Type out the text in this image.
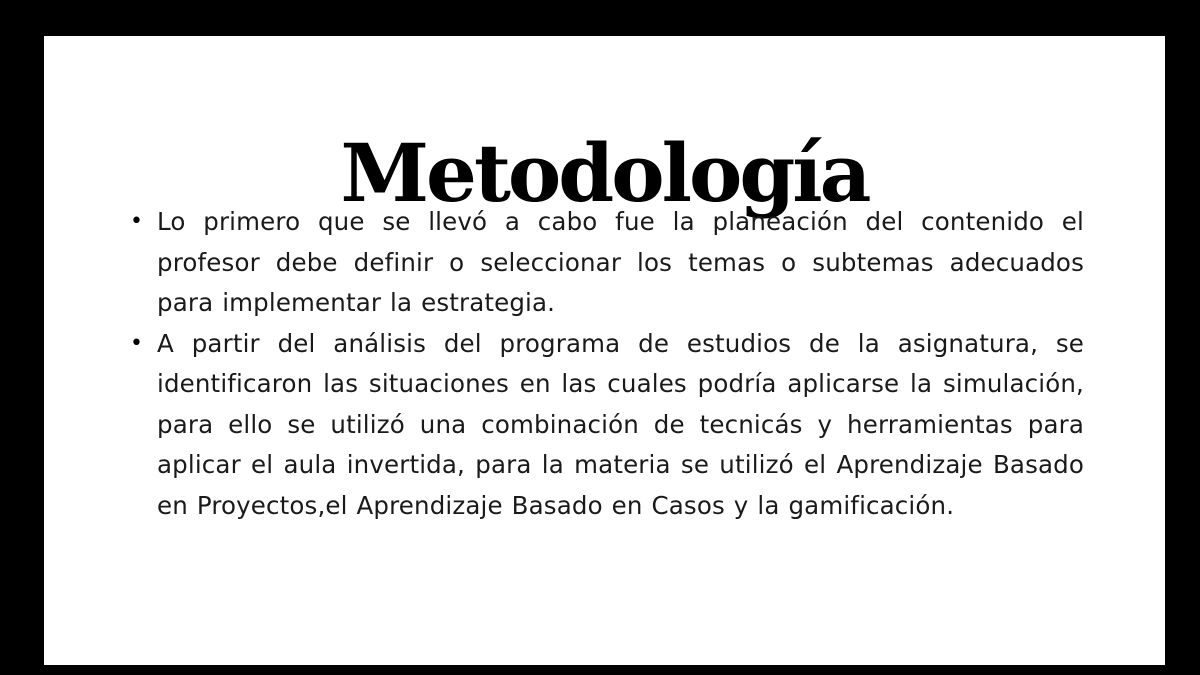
Metodología
• Lo primero que se llevó a cabo fue la planeación del contenido el profesor debe definir o seleccionar los temas o subtemas adecuados para implementar la estrategia.
• A partir del análisis del programa de estudios de la asignatura, se identificaron las situaciones en las cuales podría aplicarse la simulación, para ello se utilizó una combinación de tecnicás y herramientas para aplicar el aula invertida, para la materia se utilizó el Aprendizaje Basado en Proyectos,el Aprendizaje Basado en Casos y la gamificación.
